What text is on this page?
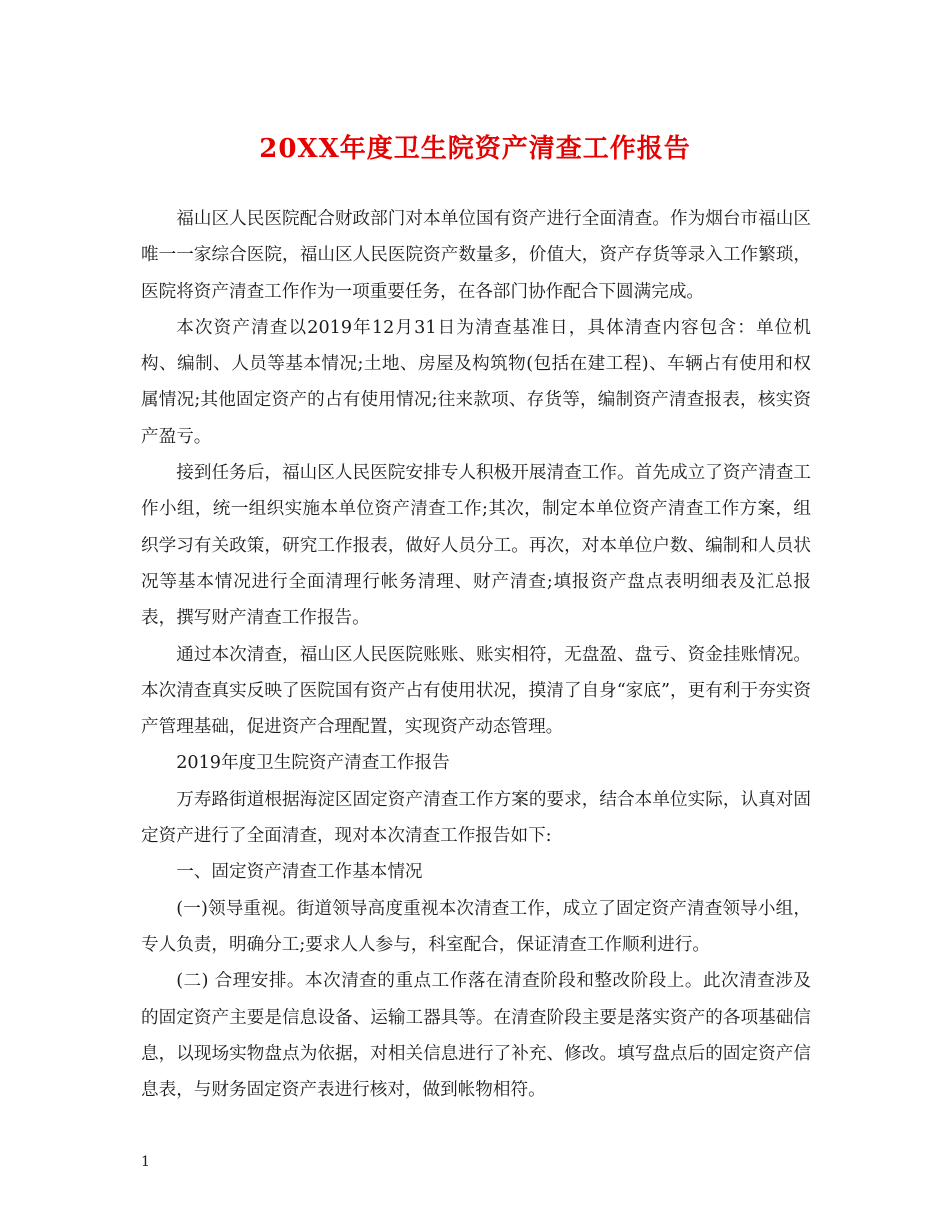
20XX年度卫生院资产清查工作报告

福山区人民医院配合财政部门对本单位国有资产进行全面清查。作为烟台市福山区唯一一家综合医院，福山区人民医院资产数量多，价值大，资产存货等录入工作繁琐，医院将资产清查工作作为一项重要任务，在各部门协作配合下圆满完成。

本次资产清查以2019年12月31日为清查基准日，具体清查内容包含：单位机构、编制、人员等基本情况;土地、房屋及构筑物(包括在建工程)、车辆占有使用和权属情况;其他固定资产的占有使用情况;往来款项、存货等，编制资产清查报表，核实资产盈亏。

接到任务后，福山区人民医院安排专人积极开展清查工作。首先成立了资产清查工作小组，统一组织实施本单位资产清查工作;其次，制定本单位资产清查工作方案，组织学习有关政策，研究工作报表，做好人员分工。再次，对本单位户数、编制和人员状况等基本情况进行全面清理行帐务清理、财产清查;填报资产盘点表明细表及汇总报表，撰写财产清查工作报告。

通过本次清查，福山区人民医院账账、账实相符，无盘盈、盘亏、资金挂账情况。本次清查真实反映了医院国有资产占有使用状况，摸清了自身“家底”，更有利于夯实资产管理基础，促进资产合理配置，实现资产动态管理。

2019年度卫生院资产清查工作报告

万寿路街道根据海淀区固定资产清查工作方案的要求，结合本单位实际，认真对固定资产进行了全面清查，现对本次清查工作报告如下:

一、固定资产清查工作基本情况

(一)领导重视。街道领导高度重视本次清查工作，成立了固定资产清查领导小组，专人负责，明确分工;要求人人参与，科室配合，保证清查工作顺利进行。

(二) 合理安排。本次清查的重点工作落在清查阶段和整改阶段上。此次清查涉及的固定资产主要是信息设备、运输工器具等。在清查阶段主要是落实资产的各项基础信息，以现场实物盘点为依据，对相关信息进行了补充、修改。填写盘点后的固定资产信息表，与财务固定资产表进行核对，做到帐物相符。

1
